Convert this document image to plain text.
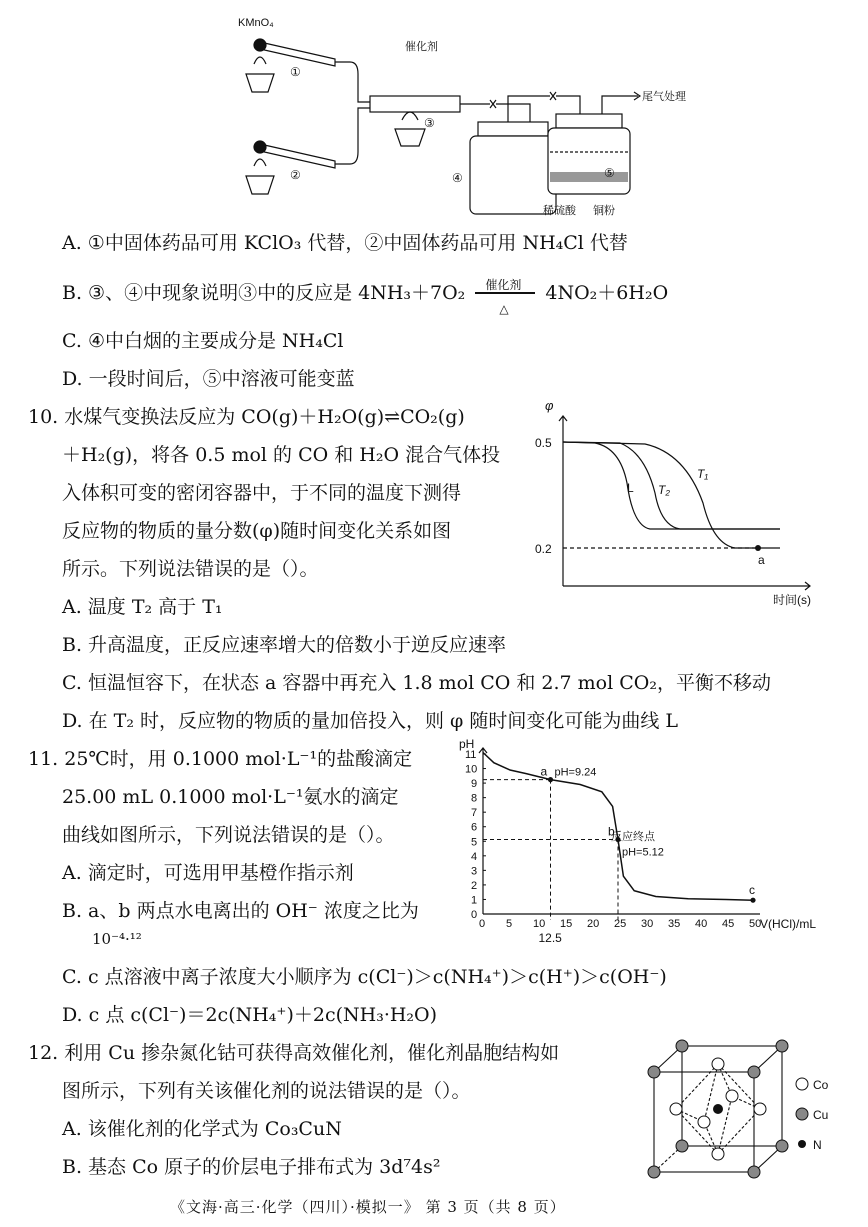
KMnO₄
催化剂
尾气处理
①
②
③
④	⑤
稀硫酸 铜粉
A. ①中固体药品可用 KClO₃ 代替，②中固体药品可用 NH₄Cl 代替
B. ③、④中现象说明③中的反应是 4NH₃＋7O₂ 催化剂
△
4NO₂＋6H₂O
C. ④中白烟的主要成分是 NH₄Cl
D. 一段时间后，⑤中溶液可能变蓝
10. 水煤气变换法反应为 CO(g)＋H₂O(g)⇌CO₂(g)
＋H₂(g)，将各 0.5 mol 的 CO 和 H₂O 混合气体投
入体积可变的密闭容器中，于不同的温度下测得
反应物的物质的量分数(φ)随时间变化关系如图
所示。下列说法错误的是（）。
A. 温度 T₂ 高于 T₁
B. 升高温度，正反应速率增大的倍数小于逆反应速率
C. 恒温恒容下，在状态 a 容器中再充入 1.8 mol CO 和 2.7 mol CO₂，平衡不移动
D. 在 T₂ 时，反应物的物质的量加倍投入，则 φ 随时间变化可能为曲线 L
φ
0.5
0.2
L T₂
T₁
a
时间(s)
11. 25℃时，用 0.1000 mol·L⁻¹的盐酸滴定
25.00 mL 0.1000 mol·L⁻¹氨水的滴定
曲线如图所示，下列说法错误的是（）。
A. 滴定时，可选用甲基橙作指示剂
B. a、b 两点水电离出的 OH⁻ 浓度之比为
10⁻⁴·¹²
C. c 点溶液中离子浓度大小顺序为 c(Cl⁻)＞c(NH₄⁺)＞c(H⁺)＞c(OH⁻)
D. c 点 c(Cl⁻)＝2c(NH₄⁺)＋2c(NH₃·H₂O)
0 5 10 15 20 25 30 35 40 45 50
0
1
2
3
4
5
6
7
8
9
10
11
a pH=9.24
b
pH=5.12
c
pH
V(HCl)/mL
12.5
反应终点
12. 利用 Cu 掺杂氮化钴可获得高效催化剂，催化剂晶胞结构如
图所示，下列有关该催化剂的说法错误的是（）。
A. 该催化剂的化学式为 Co₃CuN
B. 基态 Co 原子的价层电子排布式为 3d⁷4s²
Co
Cu
N
《文海·高三·化学（四川）·模拟一》 第 3 页（共 8 页）
